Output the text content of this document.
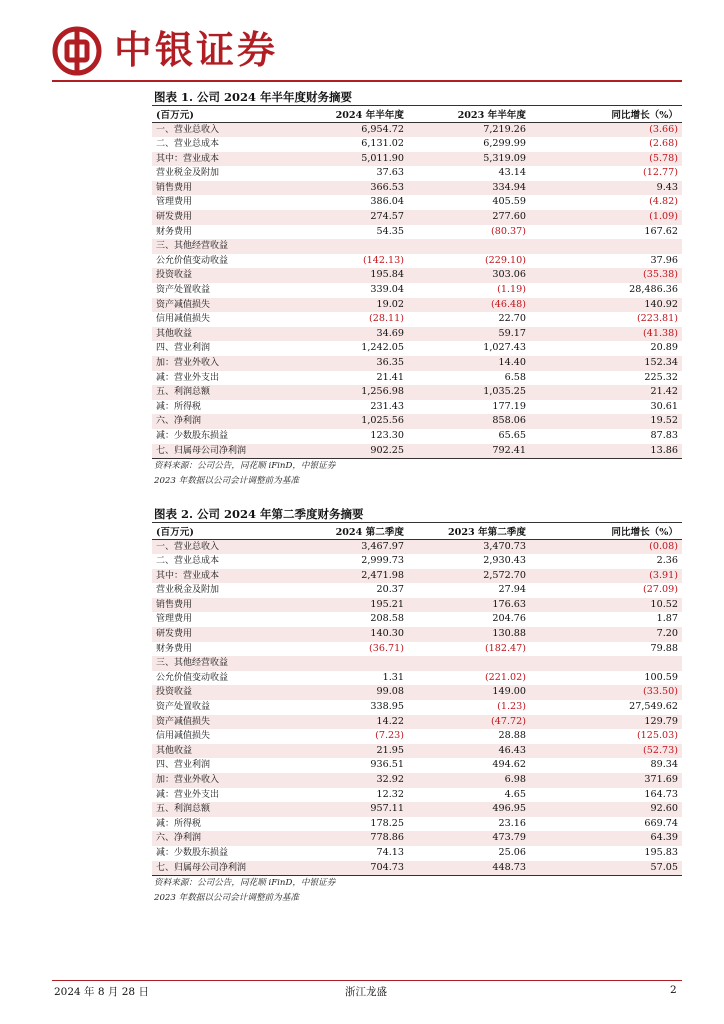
中银证券
图表 1. 公司 2024 年半年度财务摘要
(百万元)	2024 年半年度	2023 年半年度	同比增长（%）
一、营业总收入	6,954.72	7,219.26	(3.66)
二、营业总成本	6,131.02	6,299.99	(2.68)
其中：营业成本	5,011.90	5,319.09	(5.78)
营业税金及附加	37.63	43.14	(12.77)
销售费用	366.53	334.94	9.43
管理费用	386.04	405.59	(4.82)
研发费用	274.57	277.60	(1.09)
财务费用	54.35	(80.37)	167.62
三、其他经营收益			
公允价值变动收益	(142.13)	(229.10)	37.96
投资收益	195.84	303.06	(35.38)
资产处置收益	339.04	(1.19)	28,486.36
资产减值损失	19.02	(46.48)	140.92
信用减值损失	(28.11)	22.70	(223.81)
其他收益	34.69	59.17	(41.38)
四、营业利润	1,242.05	1,027.43	20.89
加：营业外收入	36.35	14.40	152.34
减：营业外支出	21.41	6.58	225.32
五、利润总额	1,256.98	1,035.25	21.42
减：所得税	231.43	177.19	30.61
六、净利润	1,025.56	858.06	19.52
减：少数股东损益	123.30	65.65	87.83
七、归属母公司净利润	902.25	792.41	13.86
资料来源：公司公告，同花顺 iFinD，中银证券
2023 年数据以公司会计调整前为基准
图表 2. 公司 2024 年第二季度财务摘要
(百万元)	2024 第二季度	2023 年第二季度	同比增长（%）
一、营业总收入	3,467.97	3,470.73	(0.08)
二、营业总成本	2,999.73	2,930.43	2.36
其中：营业成本	2,471.98	2,572.70	(3.91)
营业税金及附加	20.37	27.94	(27.09)
销售费用	195.21	176.63	10.52
管理费用	208.58	204.76	1.87
研发费用	140.30	130.88	7.20
财务费用	(36.71)	(182.47)	79.88
三、其他经营收益			
公允价值变动收益	1.31	(221.02)	100.59
投资收益	99.08	149.00	(33.50)
资产处置收益	338.95	(1.23)	27,549.62
资产减值损失	14.22	(47.72)	129.79
信用减值损失	(7.23)	28.88	(125.03)
其他收益	21.95	46.43	(52.73)
四、营业利润	936.51	494.62	89.34
加：营业外收入	32.92	6.98	371.69
减：营业外支出	12.32	4.65	164.73
五、利润总额	957.11	496.95	92.60
减：所得税	178.25	23.16	669.74
六、净利润	778.86	473.79	64.39
减：少数股东损益	74.13	25.06	195.83
七、归属母公司净利润	704.73	448.73	57.05
资料来源：公司公告，同花顺 iFinD，中银证券
2023 年数据以公司会计调整前为基准
2024 年 8 月 28 日	浙江龙盛	2
